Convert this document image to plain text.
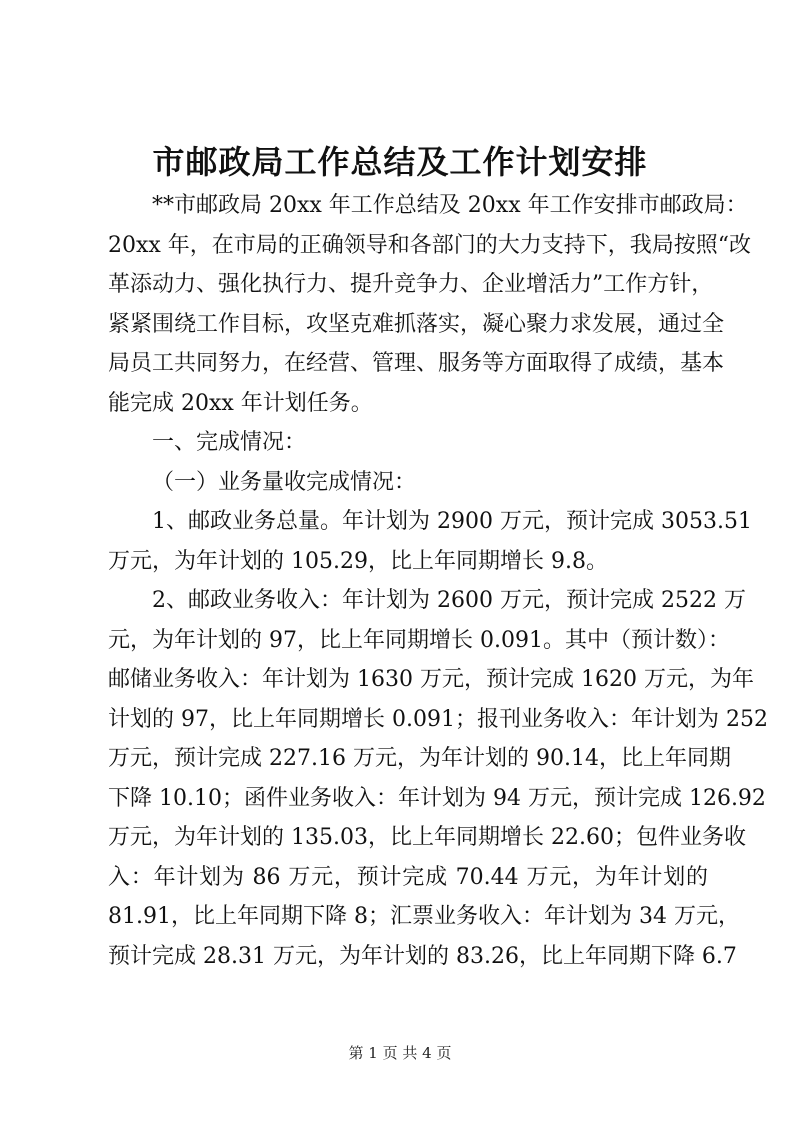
市邮政局工作总结及工作计划安排
**市邮政局 20xx 年工作总结及 20xx 年工作安排市邮政局：
20xx 年，在市局的正确领导和各部门的大力支持下，我局按照“改
革添动力、强化执行力、提升竞争力、企业增活力”工作方针，
紧紧围绕工作目标，攻坚克难抓落实，凝心聚力求发展，通过全
局员工共同努力，在经营、管理、服务等方面取得了成绩，基本
能完成 20xx 年计划任务。
一、完成情况：
（一）业务量收完成情况：
1、邮政业务总量。年计划为 2900 万元，预计完成 3053.51
万元，为年计划的 105.29，比上年同期增长 9.8。
2、邮政业务收入：年计划为 2600 万元，预计完成 2522 万
元，为年计划的 97，比上年同期增长 0.091。其中（预计数）：
邮储业务收入：年计划为 1630 万元，预计完成 1620 万元，为年
计划的 97，比上年同期增长 0.091；报刊业务收入：年计划为 252
万元，预计完成 227.16 万元，为年计划的 90.14，比上年同期
下降 10.10；函件业务收入：年计划为 94 万元，预计完成 126.92
万元，为年计划的 135.03，比上年同期增长 22.60；包件业务收
入：年计划为 86 万元，预计完成 70.44 万元，为年计划的
81.91，比上年同期下降 8；汇票业务收入：年计划为 34 万元，
预计完成 28.31 万元，为年计划的 83.26，比上年同期下降 6.7
第 1 页 共 4 页
